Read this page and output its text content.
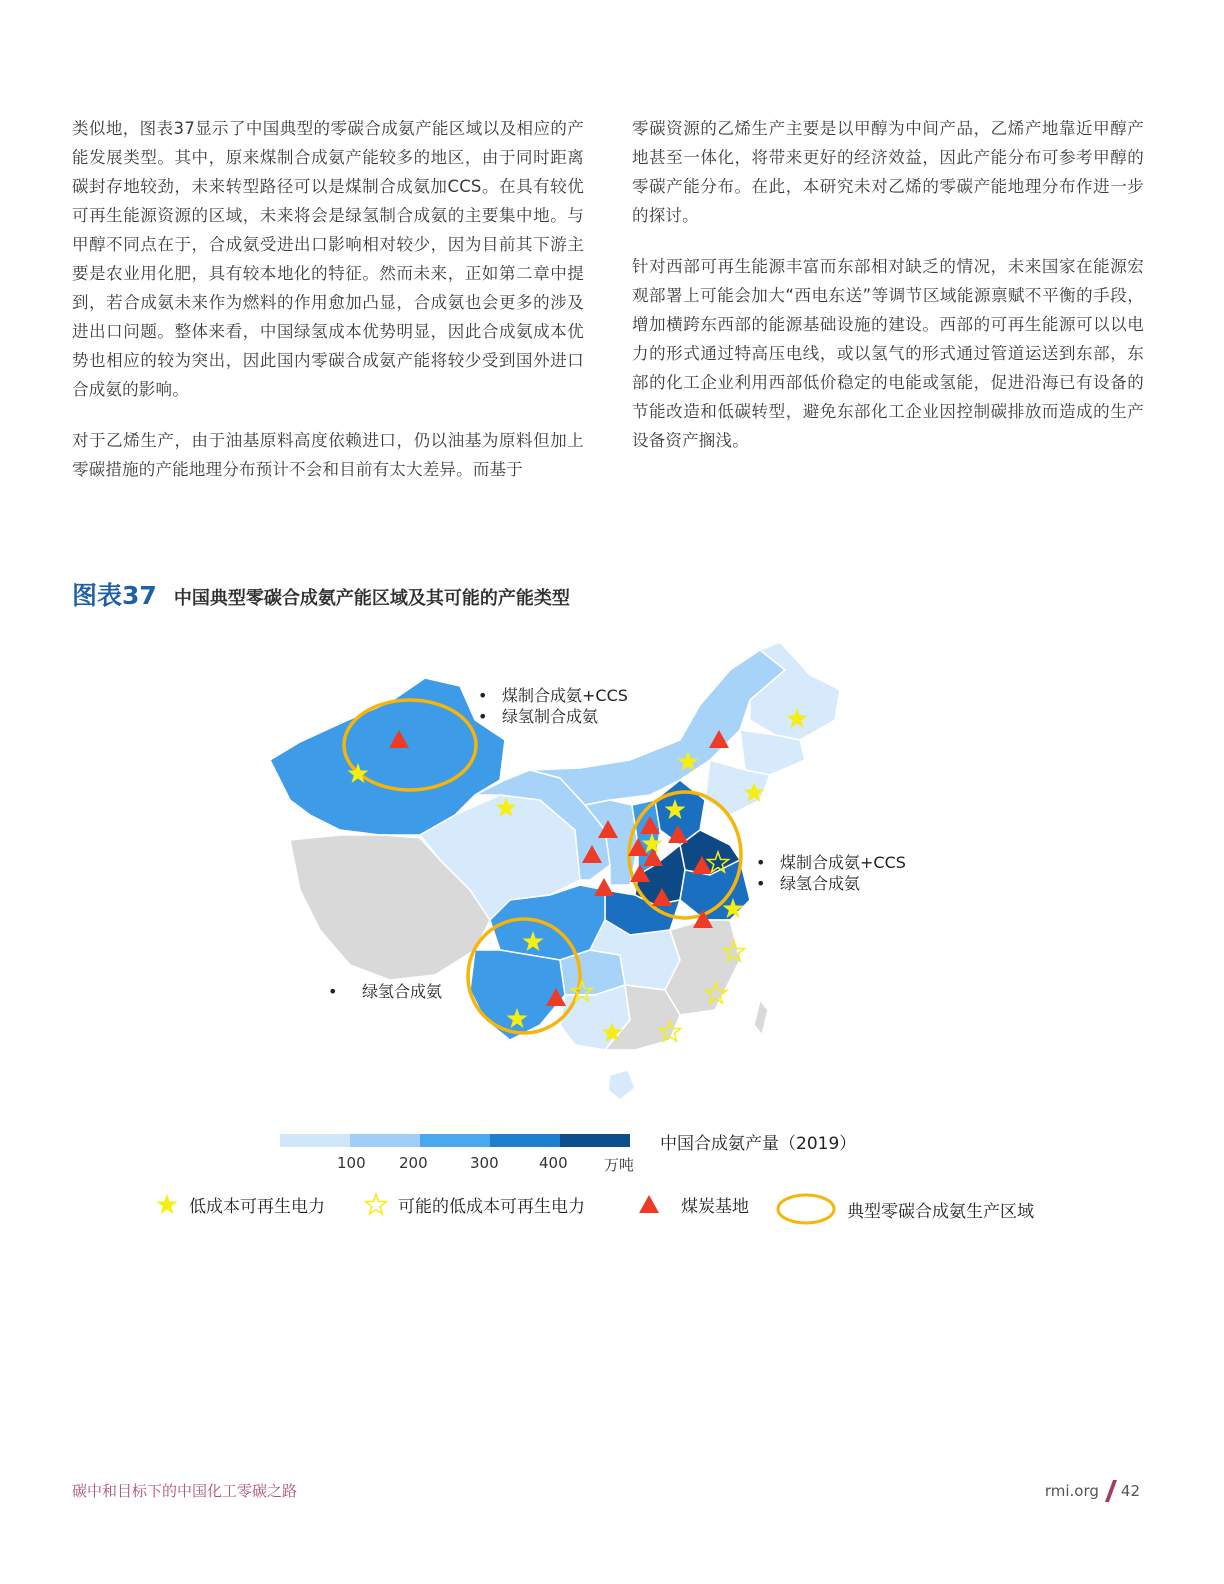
类似地，图表37显示了中国典型的零碳合成氨产能区域以及相应的产能发展类型。其中，原来煤制合成氨产能较多的地区，由于同时距离碳封存地较劲，未来转型路径可以是煤制合成氨加CCS。在具有较优可再生能源资源的区域，未来将会是绿氢制合成氨的主要集中地。与甲醇不同点在于，合成氨受进出口影响相对较少，因为目前其下游主要是农业用化肥，具有较本地化的特征。然而未来，正如第二章中提到，若合成氨未来作为燃料的作用愈加凸显，合成氨也会更多的涉及进出口问题。整体来看，中国绿氢成本优势明显，因此合成氨成本优势也相应的较为突出，因此国内零碳合成氨产能将较少受到国外进口合成氨的影响。

对于乙烯生产，由于油基原料高度依赖进口，仍以油基为原料但加上零碳措施的产能地理分布预计不会和目前有太大差异。而基于

零碳资源的乙烯生产主要是以甲醇为中间产品，乙烯产地靠近甲醇产地甚至一体化，将带来更好的经济效益，因此产能分布可参考甲醇的零碳产能分布。在此，本研究未对乙烯的零碳产能地理分布作进一步的探讨。

针对西部可再生能源丰富而东部相对缺乏的情况，未来国家在能源宏观部署上可能会加大“西电东送”等调节区域能源禀赋不平衡的手段，增加横跨东西部的能源基础设施的建设。西部的可再生能源可以以电力的形式通过特高压电线，或以氢气的形式通过管道运送到东部，东部的化工企业利用西部低价稳定的电能或氢能，促进沿海已有设备的节能改造和低碳转型，避免东部化工企业因控制碳排放而造成的生产设备资产搁浅。

图表37 中国典型零碳合成氨产能区域及其可能的产能类型
• 煤制合成氨+CCS
• 绿氢制合成氨
• 煤制合成氨+CCS
• 绿氢合成氨
• 绿氢合成氨
100 200	300	400 万吨
中国合成氨产量（2019）
低成本可再生电力	可能的低成本可再生电力	煤炭基地	典型零碳合成氨生产区域
碳中和目标下的中国化工零碳之路	rmi.org 42
